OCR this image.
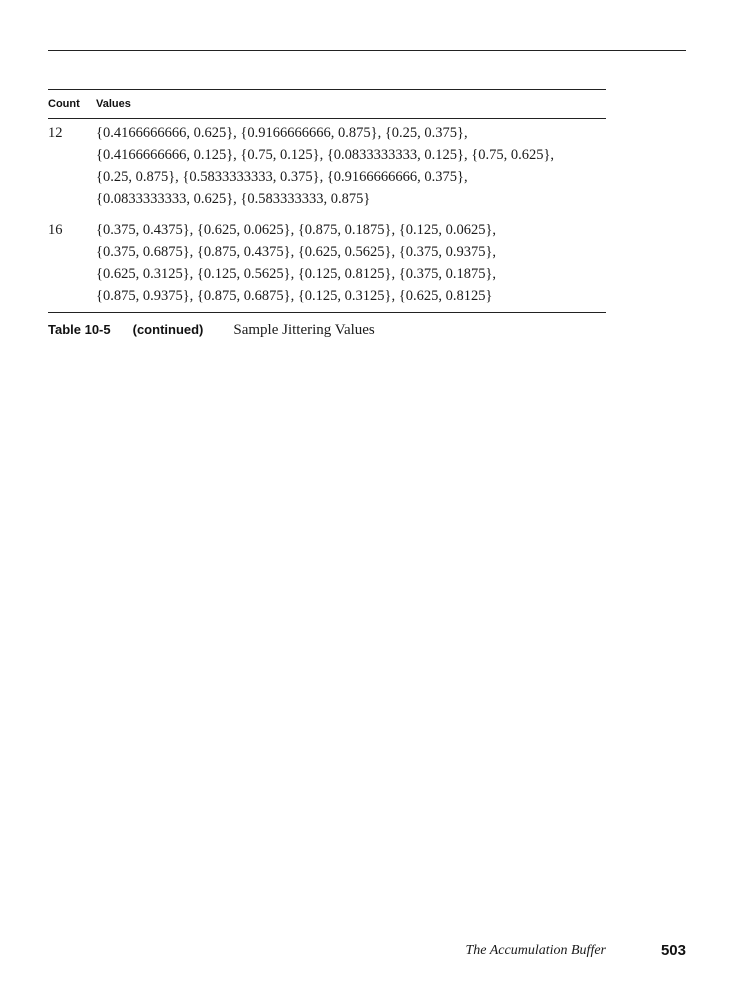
Count	Values
12	{0.4166666666, 0.625}, {0.9166666666, 0.875}, {0.25, 0.375},
{0.4166666666, 0.125}, {0.75, 0.125}, {0.0833333333, 0.125}, {0.75, 0.625},
{0.25, 0.875}, {0.5833333333, 0.375}, {0.9166666666, 0.375},
{0.0833333333, 0.625}, {0.583333333, 0.875}
16	{0.375, 0.4375}, {0.625, 0.0625}, {0.875, 0.1875}, {0.125, 0.0625},
{0.375, 0.6875}, {0.875, 0.4375}, {0.625, 0.5625}, {0.375, 0.9375},
{0.625, 0.3125}, {0.125, 0.5625}, {0.125, 0.8125}, {0.375, 0.1875},
{0.875, 0.9375}, {0.875, 0.6875}, {0.125, 0.3125}, {0.625, 0.8125}
Table 10-5 (continued) Sample Jittering Values
The Accumulation Buffer	503
